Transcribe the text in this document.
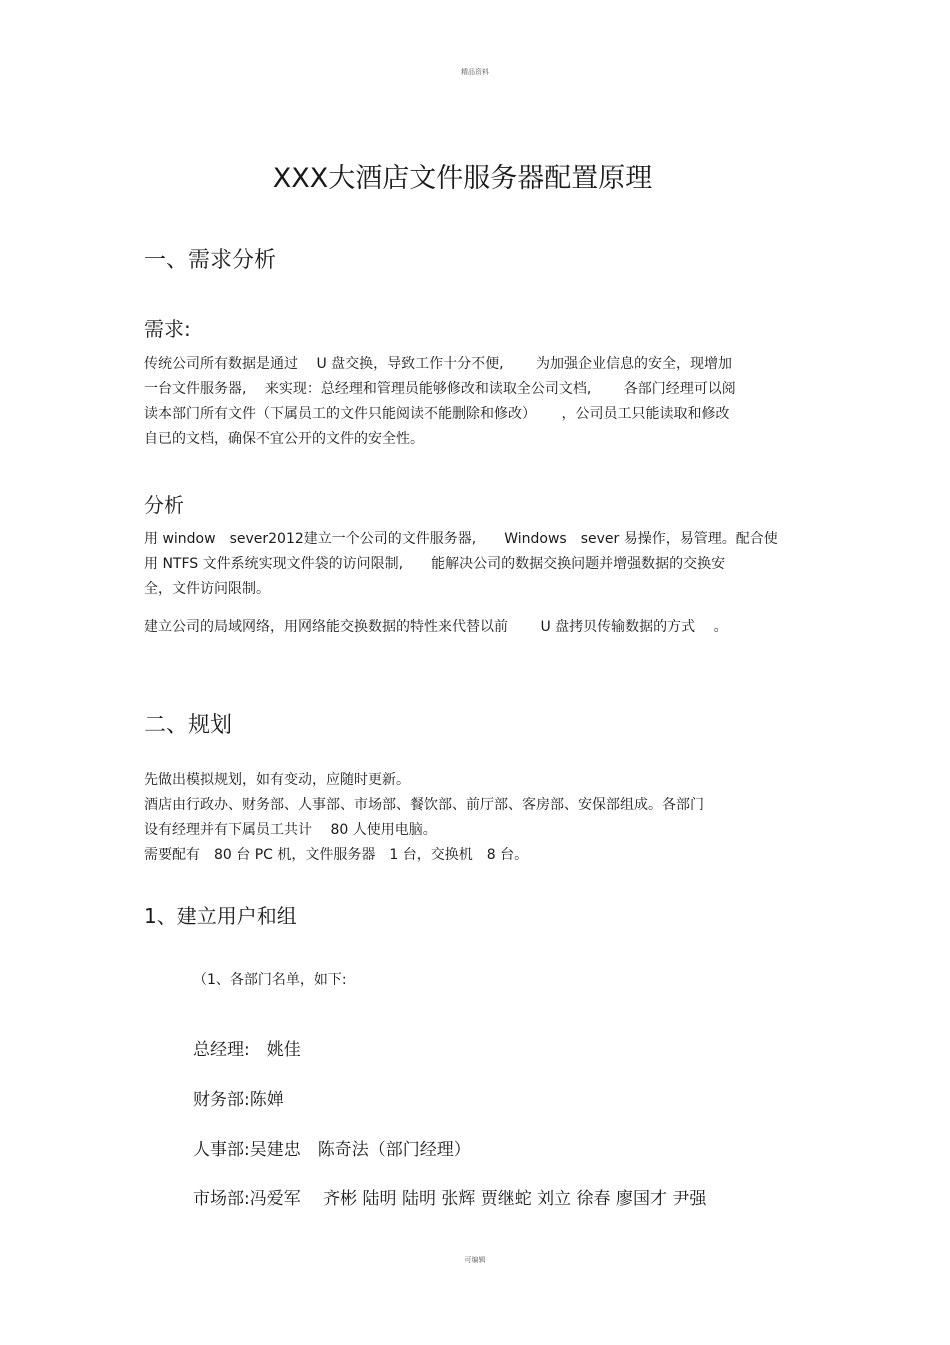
精品资料
XXX大酒店文件服务器配置原理
一、需求分析
需求:
传统公司所有数据是通过　 U 盘交换，导致工作十分不便,　　 为加强企业信息的安全，现增加
一台文件服务器,　 来实现：总经理和管理员能够修改和读取全公司文档,　　 各部门经理可以阅
读本部门所有文件（下属员工的文件只能阅读不能删除和修改）　　 ，公司员工只能读取和修改
自已的文档，确保不宜公开的文件的安全性。
分析
用 window　sever2012建立一个公司的文件服务器,　　Windows　sever 易操作，易管理。配合使
用 NTFS 文件系统实现文件袋的访问限制,　　能解决公司的数据交换问题并增强数据的交换安
全，文件访问限制。
建立公司的局域网络，用网络能交换数据的特性来代替以前　　 U 盘拷贝传输数据的方式　 。
二、规划
先做出模拟规划，如有变动，应随时更新。
酒店由行政办、财务部、人事部、市场部、餐饮部、前厅部、客房部、安保部组成。各部门
设有经理并有下属员工共计　 80 人使用电脑。
需要配有　80 台 PC 机，文件服务器　1 台，交换机　8 台。
1、建立用户和组
（1、各部门名单，如下:
总经理:　姚佳
财务部:陈婵
人事部:吴建忠　陈奇法（部门经理）
市场部:冯爱军　 齐彬 陆明 陆明 张辉 贾继蛇 刘立 徐春 廖国才 尹强
可编辑
